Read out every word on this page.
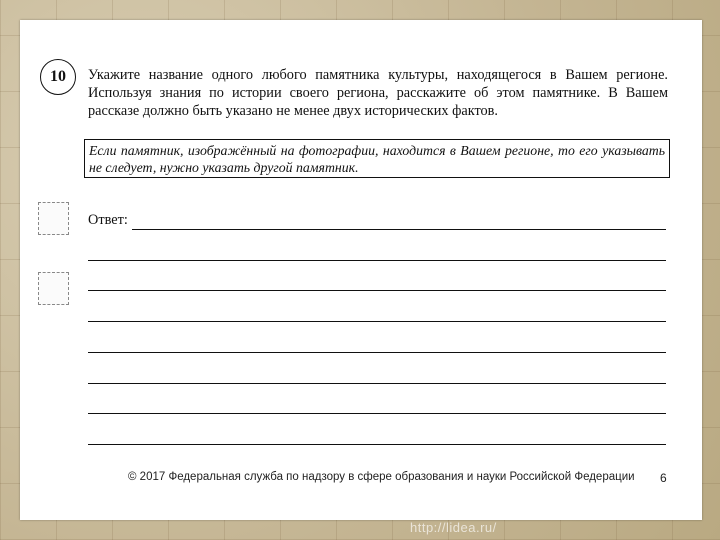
http://lidea.ru/
10	Укажите название одного любого памятника культуры, находящегося в Вашем регионе. Используя знания по истории своего региона, расскажите об этом памятнике. В Вашем рассказе должно быть указано не менее двух исторических фактов.

Если памятник, изображённый на фотографии, находится в Вашем регионе, то его указывать не следует, нужно указать другой памятник.
Ответ:
© 2017 Федеральная служба по надзору в сфере образования и науки Российской Федерации 6
